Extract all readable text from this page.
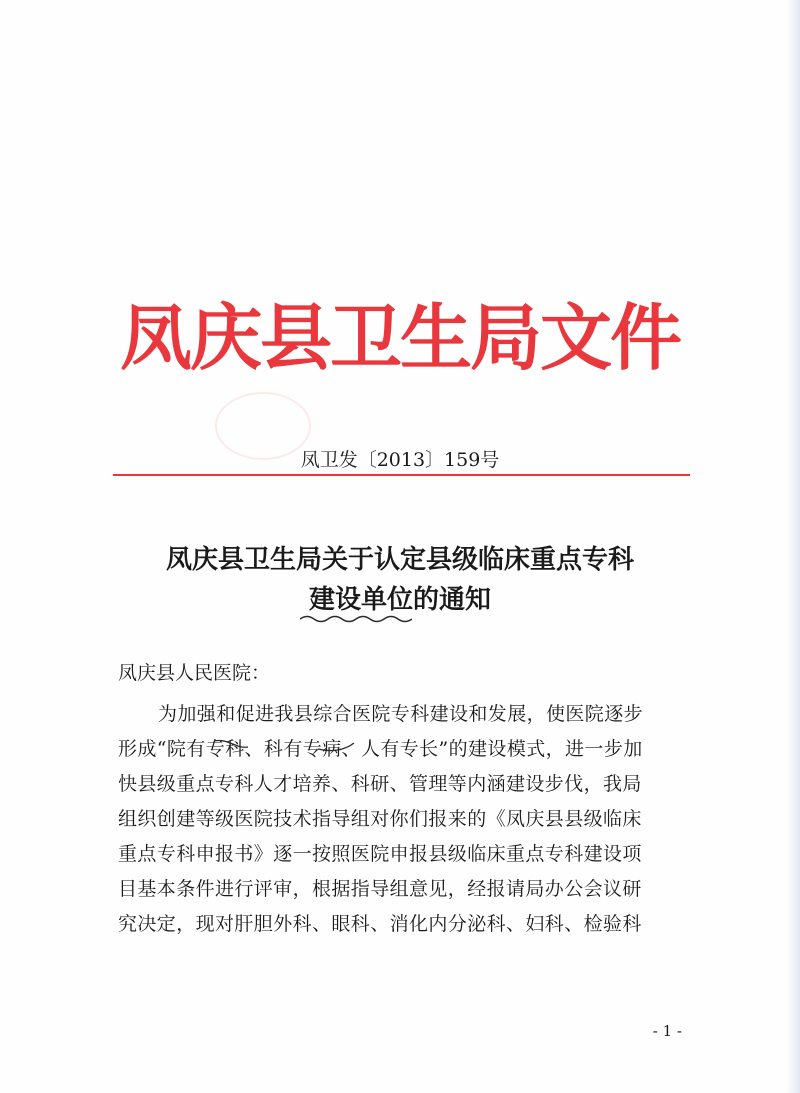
凤庆县卫生局文件
凤卫发〔2013〕159号
凤庆县卫生局关于认定县级临床重点专科
建设单位的通知
凤庆县人民医院：
为加强和促进我县综合医院专科建设和发展，使医院逐步
形成“院有专科、科有专病、人有专长”的建设模式，进一步加
快县级重点专科人才培养、科研、管理等内涵建设步伐，我局
组织创建等级医院技术指导组对你们报来的《凤庆县县级临床
重点专科申报书》逐一按照医院申报县级临床重点专科建设项
目基本条件进行评审，根据指导组意见，经报请局办公会议研
究决定，现对肝胆外科、眼科、消化内分泌科、妇科、检验科
- 1 -
